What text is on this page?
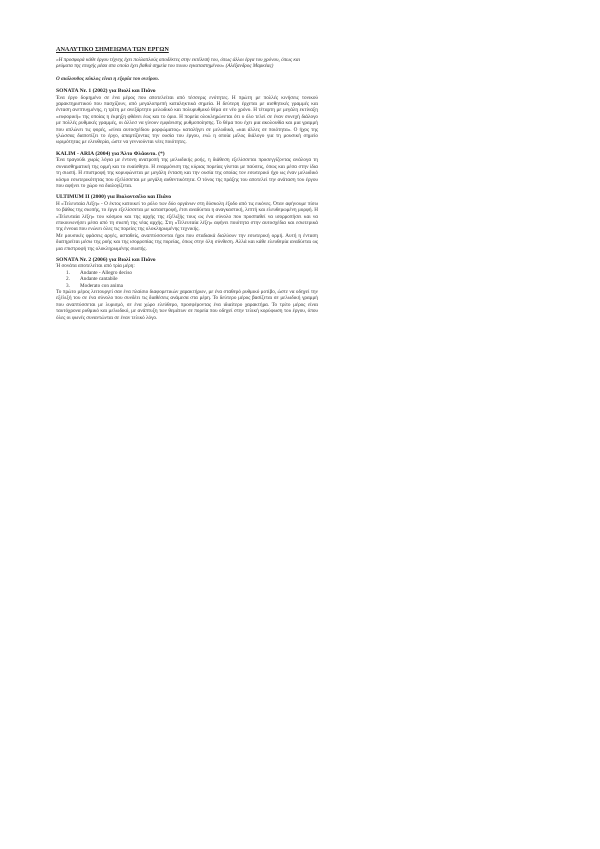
ΑΝΑΛΥΤΙΚΟ ΣΗΜΕΙΩΜΑ ΤΩΝ ΕΡΓΩΝ
«Η προσφορά κάθε έργου τέχνης έχει πολλαπλούς αποδέκτες στην εκτέλεσή του, όπως άλλοι έργα του χρόνου, όπως και ρεύματα της εποχής μέσα στα οποία έχει βαθιά σημεία του ποιου εγκαταστημένου» (Αλέξανδρος Μαρκέας)
Ο ακόλουθος κύκλος είναι η εξορία του ονείρου.
SONATA Nr. 1 (2002) για Βιολί και Πιάνο

Ένα έργο δομημένο σε ένα μέρος που αποτελείται από τέσσερις ενότητες. Η πρώτη με πολλές κινήσεις τονικού χαρακτηριστικού που πασχίζουν, από μεγαλοπρεπή καταληκτικά σημεία. Η δεύτερη έρχεται με αισθητικές γραμμές και ένταση ανεπτυγμένης, η τρίτη με ανεξάρτητο μελωδικό και πολυρυθμικό θέμα σε νέο χρόνο. Η τέταρτη με μεγάλη εκτίναξη «ευφορική» της οποίας η έκρηξη φθάνει έως και το όριο. Η πορεία ολοκληρώνεται ότι ο όλο τελεί σε έναν συνεχή διάλογο με πολλές ρυθμικές γραμμές, οι άλλεσ να γίνουν εμφάνισης ρυθμοποίησης. Το θέμα που έχει μια ακολουθία και μια γραμμή που απλώνει τις φορές, «είναι αυτοσχέδιου μορφώματος» καταλήγει σε μελωδικά, «και άλλες σε ποιότητα». Ο ήχος της γλώσσας διαποτίζει το έργο, απαρτίζοντας την ουσία του έργου, ενώ η οποία μέλος διάλογο για τη μουσική σημείο ωριμότητας με ελευθερία, ώστε να γεννιούνται νέες ποιότητες.

KALIM - ARIA (2004) για Άλτο Φλάουτο. (*)

Ένα τραγούδι χωρίς λόγια με έντονη ανατροπή της μελωδικής ροής, η διάθεση εξελίσσεται προσεγγίζοντας ανάλογα τη συναισθηματική της ορμή και το ευαίσθητο. Η εναρμόνιση της κύριας πορείας γίνεται με παύσεις, όπως και μέσα στην ίδια τη σιωπή. Η επιστροφή της κορυφώνεται με μεγάλη ένταση και την ουσία της οποίας τον εσωτερικό ήχο ως έναν μελωδικό κόσμο εσωτερικότητας που εξελίσσεται με μεγάλη αυθεντικότητα. Ο τόνος της πράξης του αποτελεί την ανάταση του έργου που αφήνει το χώρο να διαλογίζεται.

ULTIMUM II (2000) για Βιολοντσέλο και Πιάνο

Η «Τελευταία Λέξη» - Ο έκτος κατοικεί το ρόλο των δύο οργάνων στη δύσκολη έξοδο από τις εικόνες. Όταν αφήνουμε πίσω το βάθος της σιωπής, το έργο εξελίσσεται με καταστροφή, έτσι αναδύεται η αναγκαστική, λεπτή και ελευθερωμένη μορφή. Η «Τελευταία λέξη» του κόσμου και της αρχής της εξέλιξής τους ως ένα σύνολο που προσπαθεί να ισορροπήσει και να επικοινωνήσει μέσα από τη σιωπή της νέας αρχής. Στη «Τελευταία λέξη» αφήνει ποιότητα στην αυτοσχέδια και εσωτερικά της έννοια που ενώνει όλες τις πορείες της ολοκληρωμένης τεχνικής.

Με μουσικές φράσεις αργές, ασταθείς, αναπτύσσονται ήχοι που σταδιακά διαλύουν την εσωτερική ορμή. Αυτή η ένταση διατηρείται μέσω της ροής και της ισορροπίας της πορείας, όπως στην όλη σύνθεση. Αλλά και κάθε ελευθερία αναδύεται ως μια επιστροφή της ολοκληρωμένης σιωπής.

SONATA Nr. 2 (2006) για Βιολί και Πιάνο

Ή σονάτα αποτελείται από τρία μέρη:

1.	Andante - Allegro deciso
2.	Andante cantabile
3.	Moderato con anima

Το πρώτο μέρος λειτουργεί σαν ένα πλαίσιο διαφορετικών χαρακτήρων, με ένα σταθερό ρυθμικό μοτίβο, ώστε να οδηγεί την εξέλιξή του σε ένα σύνολο που συνδέει τις διαθέσεις ανάμεσα στα μέρη. Το δεύτερο μέρος βασίζεται σε μελωδική γραμμή που αναπτύσσεται με λυρισμό, σε ένα χώρο ελεύθερο, προσφέροντας ένα ιδιαίτερο χαρακτήρα. Το τρίτο μέρος είναι ταυτόχρονα ρυθμικό και μελωδικό, με ανάπτυξη των θεμάτων σε πορεία που οδηγεί στην τελική κορύφωση του έργου, όπου όλες οι φωνές συναντώνται σε έναν τελικό λόγο.
